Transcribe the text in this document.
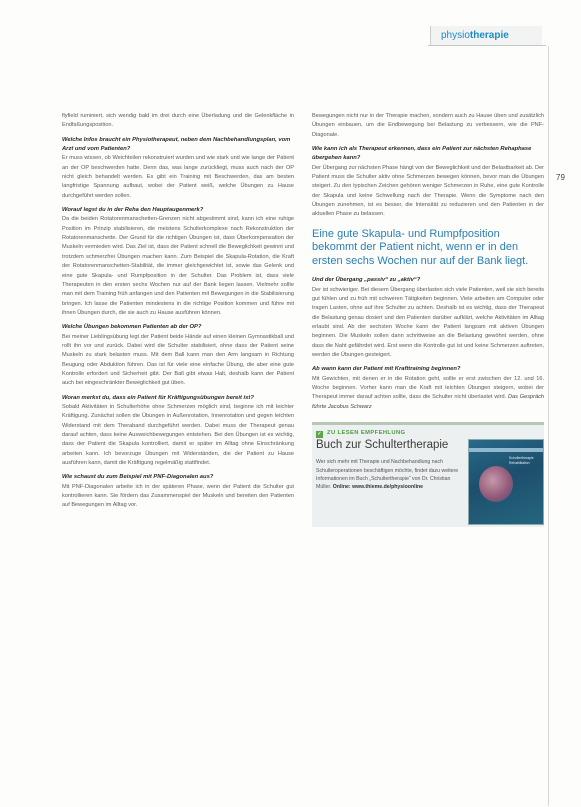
physiotherapie
79

flyfield ruminiert, sich wendig bald im drei durch eine Überladung und die Gelenkfläche in Endfaßungsposition.

Welche Infos braucht ein Physiotherapeut, neben dem Nachbehandlungsplan, vom Arzt und vom Patienten?

Er muss wissen, ob Weichteilen rekonstruiert wurden und wie stark und wie lange der Patient an der OP beschwerden hatte. Denn das, was lange zurückliegt, muss auch nach der OP nicht gleich behandelt werden. Es gibt ein Training mit Beschwerden, das am besten langfristige Spannung aufbaut, wobei der Patient weiß, welche Übungen zu Hause durchgeführt werden sollen.

Worauf legst du in der Reha den Hauptaugenmerk?

Da die beiden Rotatorenmanschetten-Grenzen nicht abgestimmt sind, kann ich eine ruhige Position im Prinzip stabilisieren, die meistens Schulterkomplexe nach Rekonstruktion der Rotatorenmanschette. Der Grund für die richtigen Übungen ist, dass Überkompensation der Muskeln vermieden wird. Das Ziel ist, dass der Patient schnell die Beweglichkeit gewinnt und trotzdem schmerzfrei Übungen machen kann. Zum Beispiel die Skapula-Rotation, die Kraft der Rotatorenmanschetten-Stabilität, die immer gleichgewichtet ist, sowie das Gelenk und eine gute Skapula- und Rumpfposition in der Schulter. Das Problem ist, dass viele Therapeuten in den ersten sechs Wochen nur auf der Bank liegen lassen. Vielmehr sollte man mit dem Training früh anfangen und den Patienten mit Bewegungen in die Stabilisierung bringen. Ich lasse die Patienten mindestens in die richtige Position kommen und führe mit ihnen Übungen durch, die sie auch zu Hause ausführen können.

Welche Übungen bekommen Patienten ab der OP?

Bei meiner Lieblingsübung legt der Patient beide Hände auf einen kleinen Gymnastikball und rollt ihn vor und zurück. Dabei wird die Schulter stabilisiert, ohne dass der Patient seine Muskeln zu stark belasten muss. Mit dem Ball kann man den Arm langsam in Richtung Beugung oder Abduktion führen. Das ist für viele eine einfache Übung, die aber eine gute Kontrolle erfordert und Sicherheit gibt. Der Ball gibt etwas Halt, deshalb kann der Patient auch bei eingeschränkter Beweglichkeit gut üben.

Woran merkst du, dass ein Patient für Kräftigungsübungen bereit ist?

Sobald Aktivitäten in Schulterhöhe ohne Schmerzen möglich sind, beginne ich mit leichter Kräftigung. Zunächst sollen die Übungen in Außenrotation, Innenrotation und gegen leichten Widerstand mit dem Theraband durchgeführt werden. Dabei muss der Therapeut genau darauf achten, dass keine Ausweichbewegungen entstehen. Bei den Übungen ist es wichtig, dass der Patient die Skapula kontrolliert, damit er später im Alltag ohne Einschränkung arbeiten kann. Ich bevorzuge Übungen mit Widerständen, die der Patient zu Hause ausführen kann, damit die Kräftigung regelmäßig stattfindet.

Wie schaust du zum Beispiel mit PNF-Diagonalen aus?

Mit PNF-Diagonalen arbeite ich in der späteren Phase, wenn der Patient die Schulter gut kontrollieren kann. Sie fördern das Zusammenspiel der Muskeln und bereiten den Patienten auf Bewegungen im Alltag vor.

Bewegungen nicht nur in der Therapie machen, sondern auch zu Hause üben und zusätzlich Übungen einbauen, um die Endbewegung bei Belastung zu verbessern, wie die PNF-Diagonale.

Wie kann ich als Therapeut erkennen, dass ein Patient zur nächsten Rehaphase übergehen kann?

Der Übergang zur nächsten Phase hängt von der Beweglichkeit und der Belastbarkeit ab. Der Patient muss die Schulter aktiv ohne Schmerzen bewegen können, bevor man die Übungen steigert. Zu den typischen Zeichen gehören weniger Schmerzen in Ruhe, eine gute Kontrolle der Skapula und keine Schwellung nach der Therapie. Wenn die Symptome nach den Übungen zunehmen, ist es besser, die Intensität zu reduzieren und den Patienten in der aktuellen Phase zu belassen.

Eine gute Skapula- und Rumpfposition bekommt der Patient nicht, wenn er in den ersten sechs Wochen nur auf der Bank liegt.
Und der Übergang „passiv“ zu „aktiv“?

Der ist schwieriger. Bei diesem Übergang überlasten sich viele Patienten, weil sie sich bereits gut fühlen und zu früh mit schweren Tätigkeiten beginnen. Viele arbeiten am Computer oder tragen Lasten, ohne auf ihre Schulter zu achten. Deshalb ist es wichtig, dass der Therapeut die Belastung genau dosiert und den Patienten darüber aufklärt, welche Aktivitäten im Alltag erlaubt sind. Ab der sechsten Woche kann der Patient langsam mit aktiven Übungen beginnen. Die Muskeln sollen dann schrittweise an die Belastung gewöhnt werden, ohne dass die Naht gefährdet wird. Erst wenn die Kontrolle gut ist und keine Schmerzen auftreten, werden die Übungen gesteigert.

Ab wann kann der Patient mit Krafttraining beginnen?

Mit Gewichten, mit denen er in die Rotation geht, sollte er erst zwischen der 12. und 16. Woche beginnen. Vorher kann man die Kraft mit leichten Übungen steigern, wobei der Therapeut immer darauf achten sollte, dass die Schulter nicht überlastet wird. Das Gespräch führte Jacobus Schwarz

✓ ZU LESEN EMPFEHLUNG
Buch zur Schultertherapie
Wer sich mehr mit Therapie und Nachbehandlung nach Schulteroperationen beschäftigen möchte, findet dazu weitere Informationen im Buch „Schultertherapie“ von Dr. Christian Müller. Online: www.thieme.de/physioonline
Schultertherapie Rehabilitation
